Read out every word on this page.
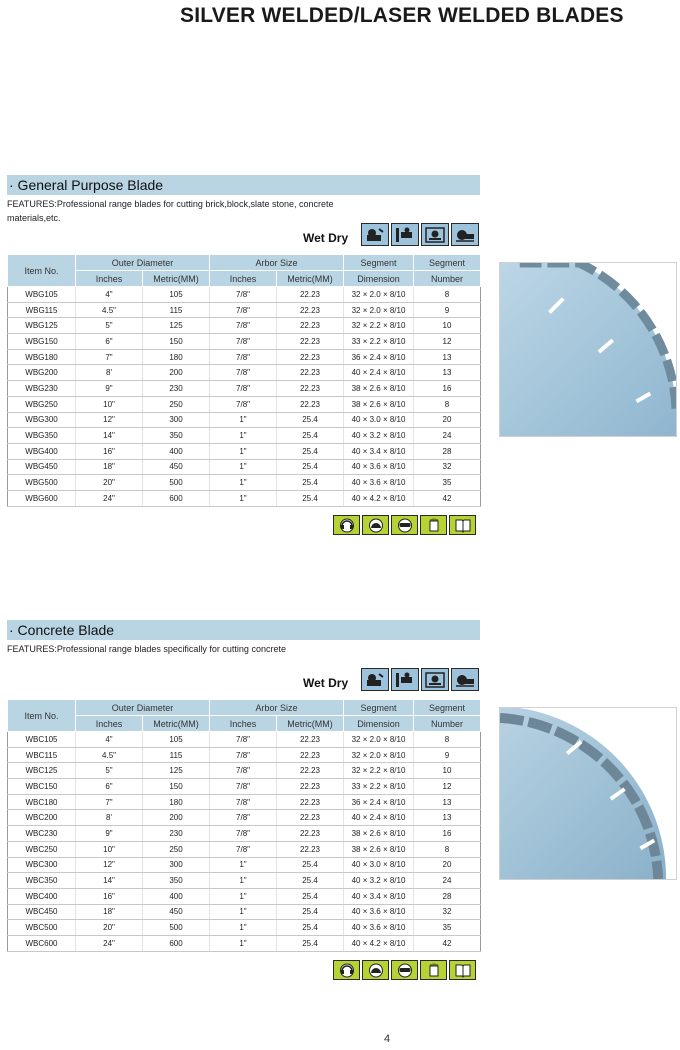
SILVER WELDED/LASER WELDED BLADES
· General Purpose Blade
FEATURES:Professional range blades for cutting brick,block,slate stone, concrete materials,etc.
Wet Dry
Item No.	Outer Diameter		Arbor Size		Segment	Segment
	Inches	Metric(MM)	Inches	Metric(MM)	Dimension	Number
WBG105	4"	105	7/8"	22.23	32 × 2.0 × 8/10	8
WBG115	4.5"	115	7/8"	22.23	32 × 2.0 × 8/10	9
WBG125	5"	125	7/8"	22.23	32 × 2.2 × 8/10	10
WBG150	6"	150	7/8"	22.23	33 × 2.2 × 8/10	12
WBG180	7"	180	7/8"	22.23	36 × 2.4 × 8/10	13
WBG200	8'	200	7/8"	22.23	40 × 2.4 × 8/10	13
WBG230	9"	230	7/8"	22.23	38 × 2.6 × 8/10	16
WBG250	10"	250	7/8"	22.23	38 × 2.6 × 8/10	8
WBG300	12"	300	1"	25.4	40 × 3.0 × 8/10	20
WBG350	14"	350	1"	25.4	40 × 3.2 × 8/10	24
WBG400	16"	400	1"	25.4	40 × 3.4 × 8/10	28
WBG450	18"	450	1"	25.4	40 × 3.6 × 8/10	32
WBG500	20"	500	1"	25.4	40 × 3.6 × 8/10	35
WBG600	24"	600	1"	25.4	40 × 4.2 × 8/10	42
· Concrete Blade
FEATURES:Professional range blades specifically for cutting concrete
Wet Dry
Item No.	Outer Diameter		Arbor Size		Segment	Segment
	Inches	Metric(MM)	Inches	Metric(MM)	Dimension	Number
WBC105	4"	105	7/8"	22.23	32 × 2.0 × 8/10	8
WBC115	4.5"	115	7/8"	22.23	32 × 2.0 × 8/10	9
WBC125	5"	125	7/8"	22.23	32 × 2.2 × 8/10	10
WBC150	6"	150	7/8"	22.23	33 × 2.2 × 8/10	12
WBC180	7"	180	7/8"	22.23	36 × 2.4 × 8/10	13
WBC200	8'	200	7/8"	22.23	40 × 2.4 × 8/10	13
WBC230	9"	230	7/8"	22.23	38 × 2.6 × 8/10	16
WBC250	10"	250	7/8"	22.23	38 × 2.6 × 8/10	8
WBC300	12"	300	1"	25.4	40 × 3.0 × 8/10	20
WBC350	14"	350	1"	25.4	40 × 3.2 × 8/10	24
WBC400	16"	400	1"	25.4	40 × 3.4 × 8/10	28
WBC450	18"	450	1"	25.4	40 × 3.6 × 8/10	32
WBC500	20"	500	1"	25.4	40 × 3.6 × 8/10	35
WBC600	24"	600	1"	25.4	40 × 4.2 × 8/10	42
4
